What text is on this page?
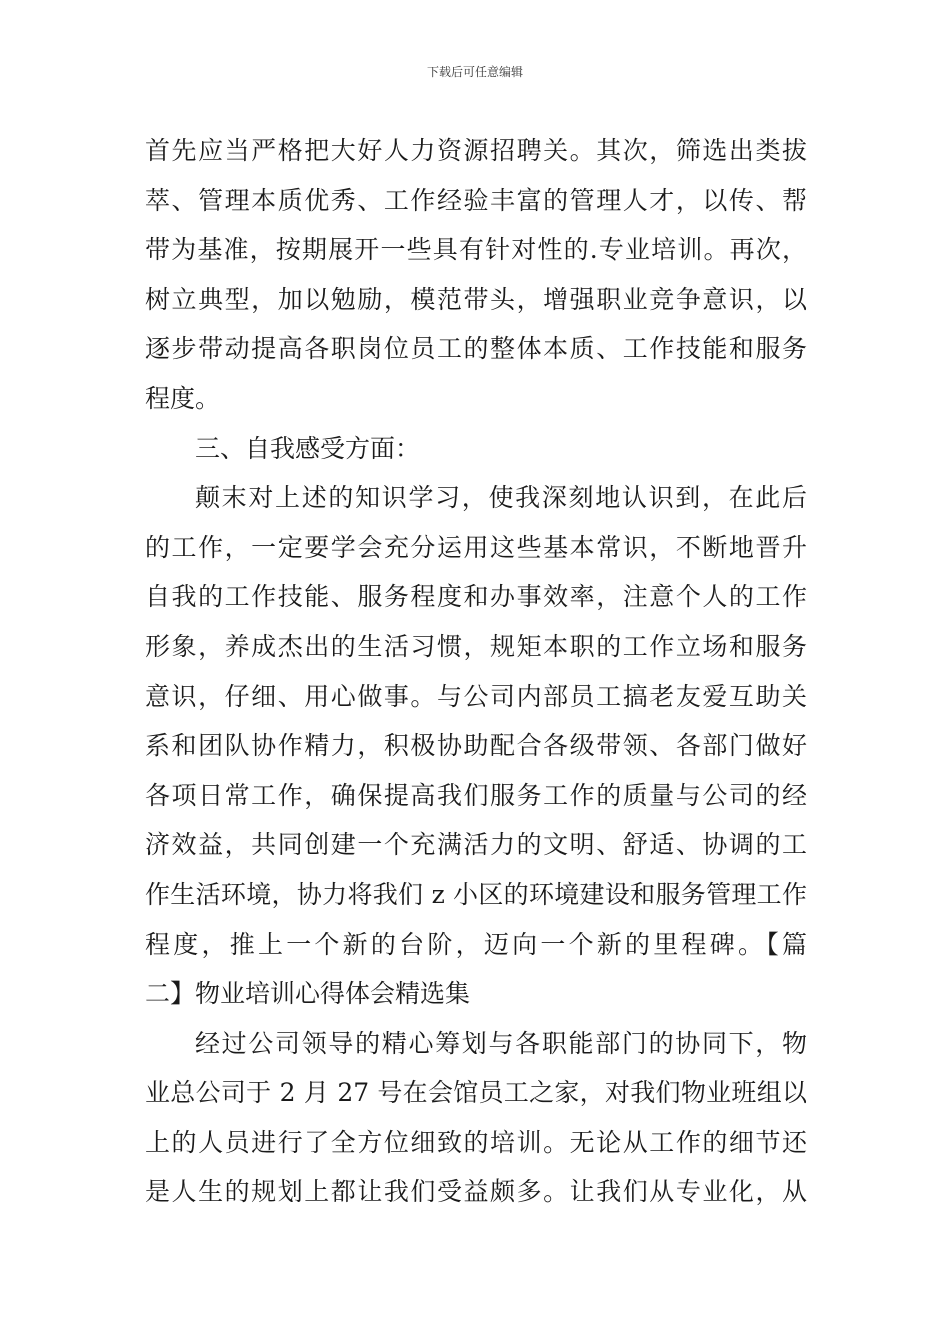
下载后可任意编辑
首先应当严格把大好人力资源招聘关。其次，筛选出类拔
萃、管理本质优秀、工作经验丰富的管理人才，以传、帮
带为基准，按期展开一些具有针对性的.专业培训。再次，
树立典型，加以勉励，模范带头，增强职业竞争意识，以
逐步带动提高各职岗位员工的整体本质、工作技能和服务
程度。
三、自我感受方面：
颠末对上述的知识学习，使我深刻地认识到，在此后
的工作，一定要学会充分运用这些基本常识，不断地晋升
自我的工作技能、服务程度和办事效率，注意个人的工作
形象，养成杰出的生活习惯，规矩本职的工作立场和服务
意识，仔细、用心做事。与公司内部员工搞老友爱互助关
系和团队协作精力，积极协助配合各级带领、各部门做好
各项日常工作，确保提高我们服务工作的质量与公司的经
济效益，共同创建一个充满活力的文明、舒适、协调的工
作生活环境，协力将我们 z 小区的环境建设和服务管理工作
程度，推上一个新的台阶，迈向一个新的里程碑。【篇
二】物业培训心得体会精选集
经过公司领导的精心筹划与各职能部门的协同下，物
业总公司于 2 月 27 号在会馆员工之家，对我们物业班组以
上的人员进行了全方位细致的培训。无论从工作的细节还
是人生的规划上都让我们受益颇多。让我们从专业化，从
